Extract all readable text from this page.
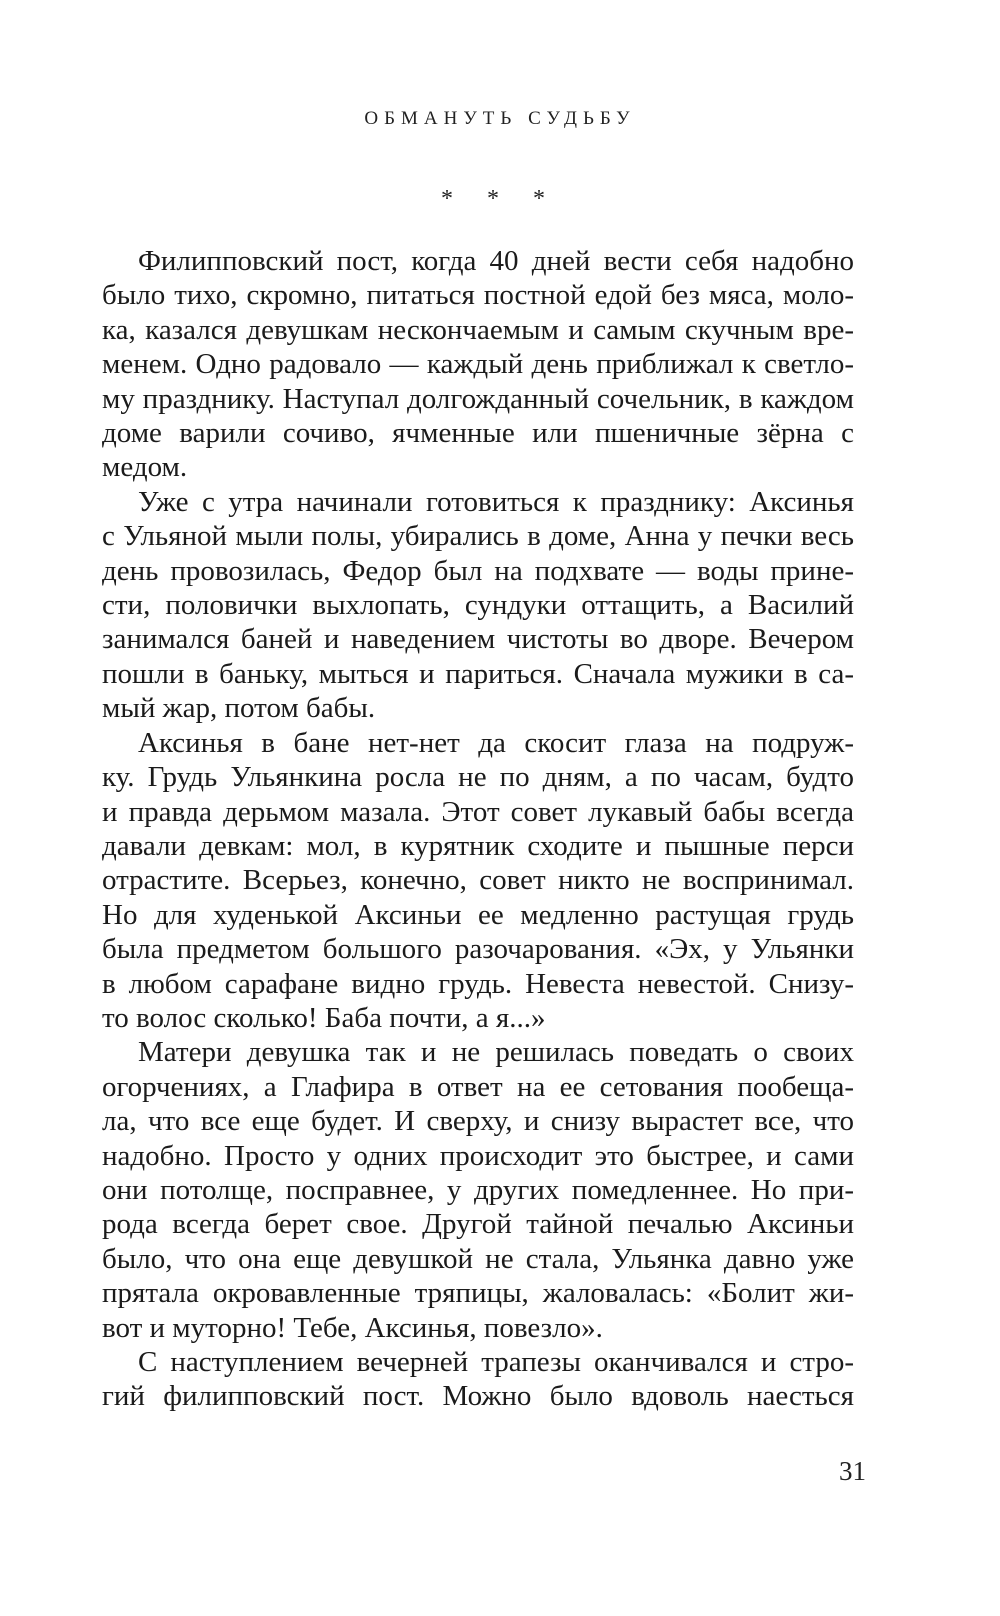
ОБМАНУТЬ СУДЬБУ
* * *

Филипповский пост, когда 40 дней вести себя надобно
было тихо, скромно, питаться постной едой без мяса, моло-
ка, казался девушкам нескончаемым и самым скучным вре-
менем. Одно радовало — каждый день приближал к светло-
му празднику. Наступал долгожданный сочельник, в каждом
доме варили сочиво, ячменные или пшеничные зёрна с медом.

Уже с утра начинали готовиться к празднику: Аксинья
с Ульяной мыли полы, убирались в доме, Анна у печки весь
день провозилась, Федор был на подхвате — воды прине-
сти, половички выхлопать, сундуки оттащить, а Василий
занимался баней и наведением чистоты во дворе. Вечером
пошли в баньку, мыться и париться. Сначала мужики в са-
мый жар, потом бабы.

Аксинья в бане нет-нет да скосит глаза на подруж-
ку. Грудь Ульянкина росла не по дням, а по часам, будто
и правда дерьмом мазала. Этот совет лукавый бабы всегда
давали девкам: мол, в курятник сходите и пышные перси
отрастите. Всерьез, конечно, совет никто не воспринимал.
Но для худенькой Аксиньи ее медленно растущая грудь
была предметом большого разочарования. «Эх, у Ульянки
в любом сарафане видно грудь. Невеста невестой. Снизу-
то волос сколько! Баба почти, а я...»

Матери девушка так и не решилась поведать о своих
огорчениях, а Глафира в ответ на ее сетования пообеща-
ла, что все еще будет. И сверху, и снизу вырастет все, что
надобно. Просто у одних происходит это быстрее, и сами
они потолще, посправнее, у других помедленнее. Но при-
рода всегда берет свое. Другой тайной печалью Аксиньи
было, что она еще девушкой не стала, Ульянка давно уже
прятала окровавленные тряпицы, жаловалась: «Болит жи-
вот и муторно! Тебе, Аксинья, повезло».

С наступлением вечерней трапезы оканчивался и стро-
гий филипповский пост. Можно было вдоволь наесться

31
